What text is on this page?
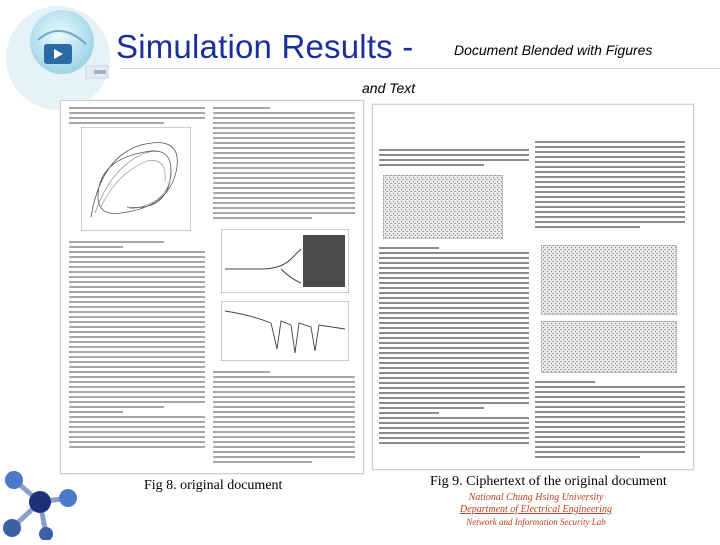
Simulation Results -	Document Blended with Figures
and Text
Fig 8. original document	Fig 9. Ciphertext of the original document
National Chung Hsing University
Department of Electrical Engineering
Network and Information Security Lab
